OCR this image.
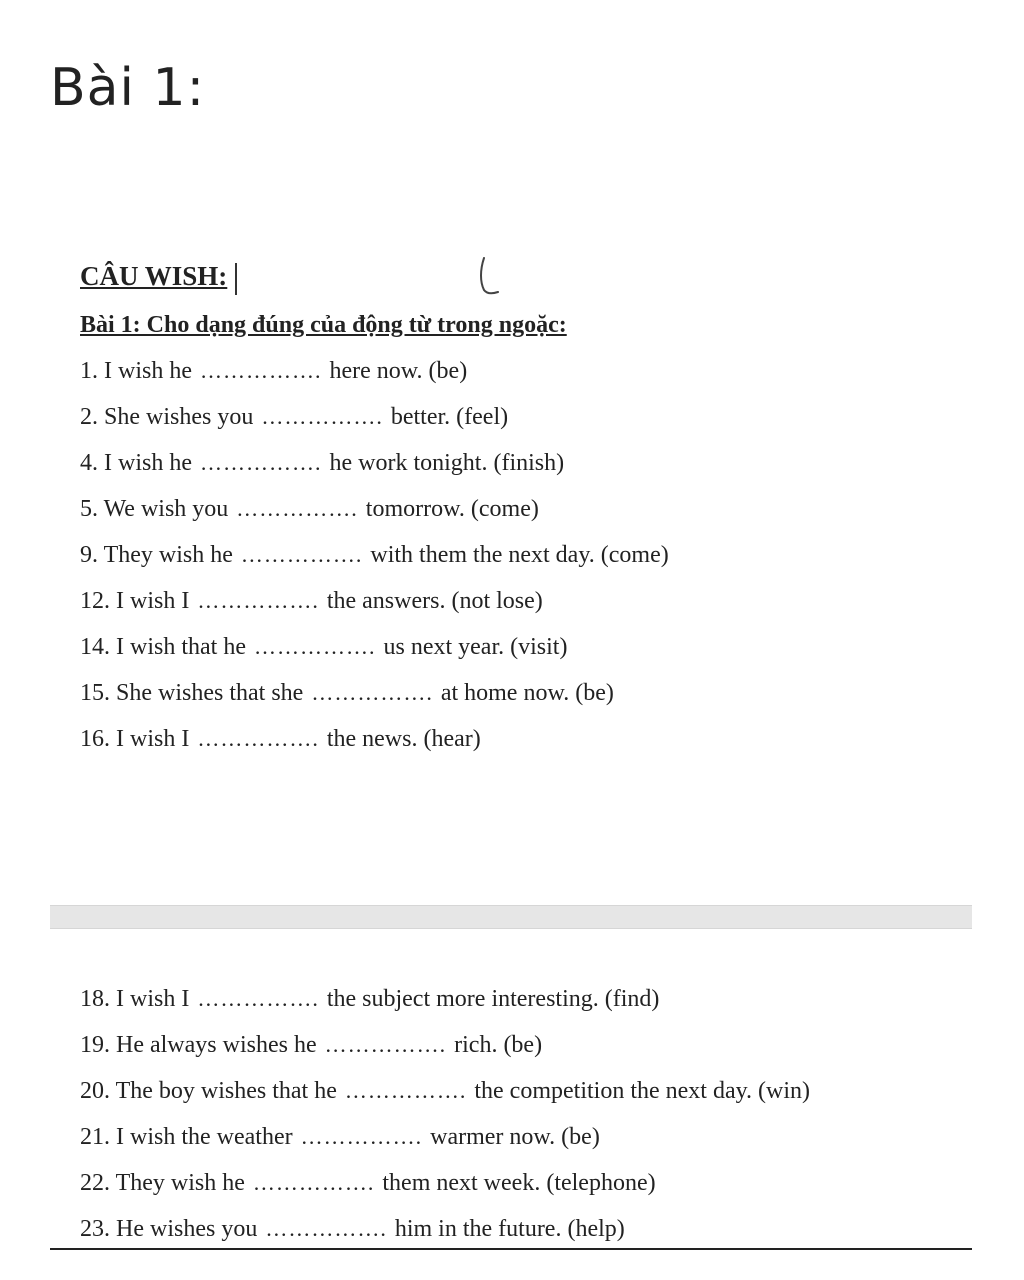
Bài 1:
CÂU WISH:
Bài 1: Cho dạng đúng của động từ trong ngoặc:
1. I wish he ……………. here now. (be)
2. She wishes you ……………. better. (feel)
4. I wish he ……………. he work tonight. (finish)
5. We wish you ……………. tomorrow. (come)
9. They wish he ……………. with them the next day. (come)
12. I wish I ……………. the answers. (not lose)
14. I wish that he ……………. us next year. (visit)
15. She wishes that she ……………. at home now. (be)
16. I wish I ……………. the news. (hear)
18. I wish I ……………. the subject more interesting. (find)
19. He always wishes he ……………. rich. (be)
20. The boy wishes that he ……………. the competition the next day. (win)
21. I wish the weather ……………. warmer now. (be)
22. They wish he ……………. them next week. (telephone)
23. He wishes you ……………. him in the future. (help)
